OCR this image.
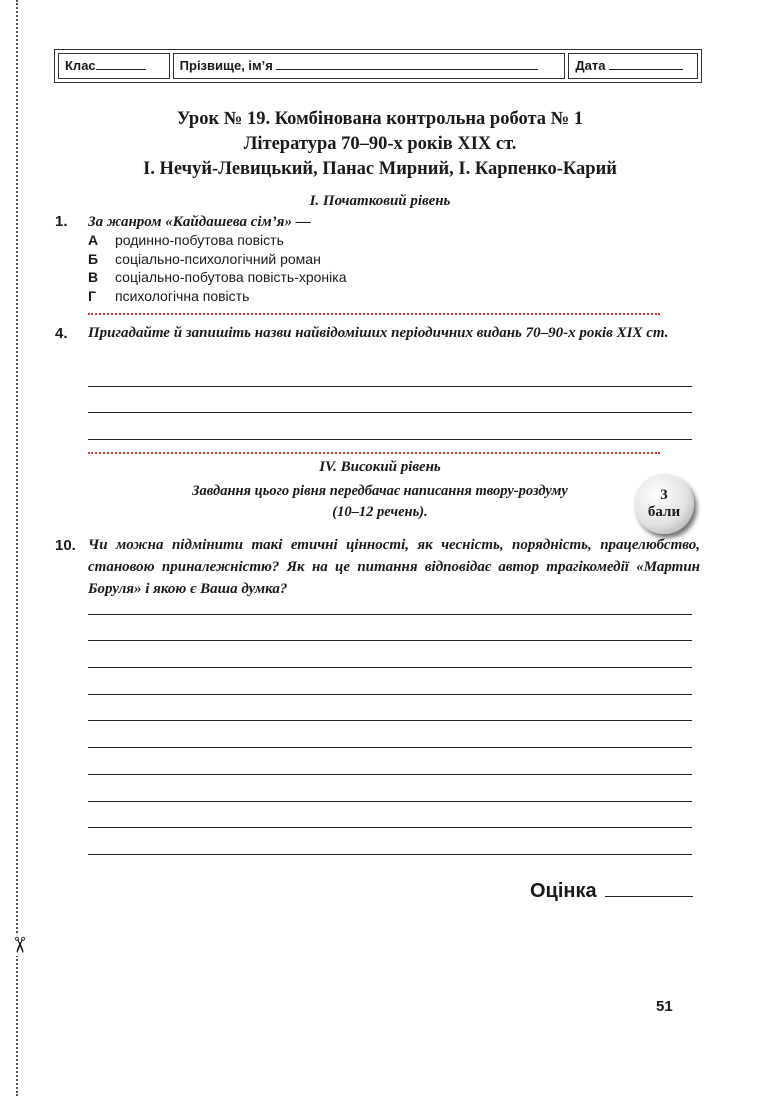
✂
Клас	Прізвище, ім’я	Дата
Урок № 19. Комбінована контрольна робота № 1
Література 70–90-х років XIX ст.
І. Нечуй-Левицький, Панас Мирний, І. Карпенко-Карий
I. Початковий рівень
1. За жанром «Кайдашева сім’я» —
А	родинно-побутова повість
Б	соціально-психологічний роман
В	соціально-побутова повість-хроніка
Г	психологічна повість
4. Пригадайте й запишіть назви найвідоміших періодичних видань 70–90-х років XIX ст.
IV. Високий рівень
Завдання цього рівня передбачає написання твору-роздуму
(10–12 речень).
3
бали
10. Чи можна підмінити такі етичні цінності, як чесність, порядність, працелюбство, становою приналежністю? Як на це питання відповідає автор трагікомедії «Мартин Боруля» і якою є Ваша думка?
Оцінка
51
